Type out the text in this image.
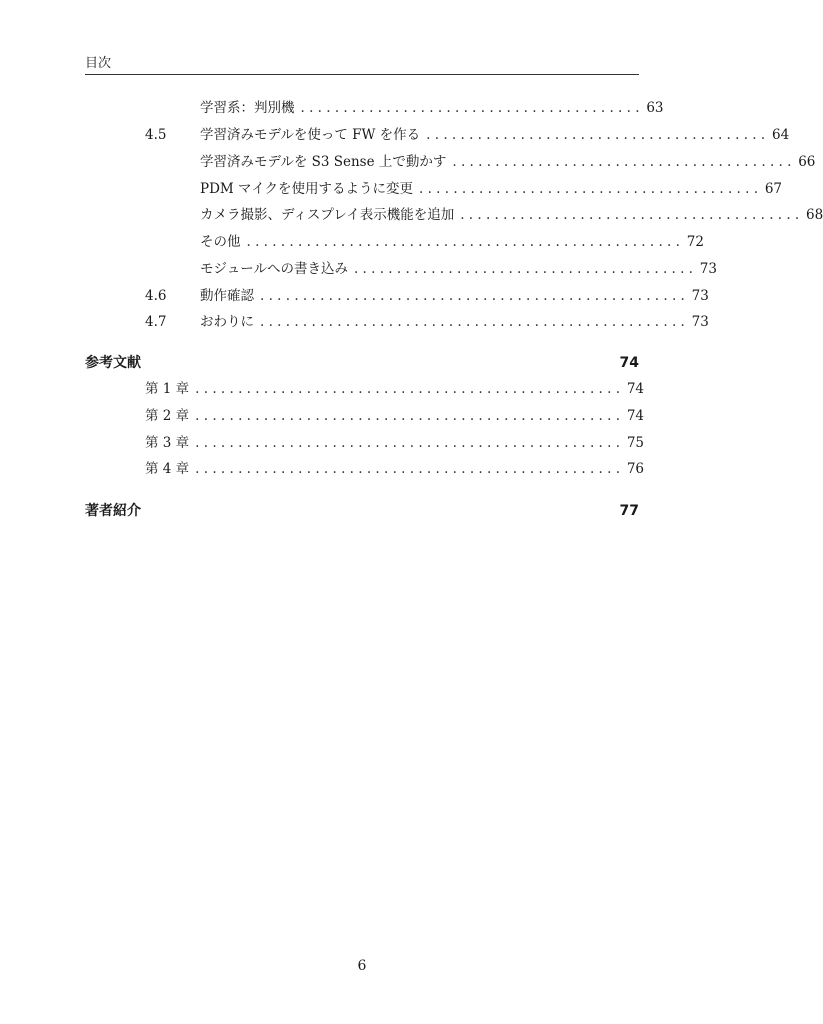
目次
学習系：判別機 . . . . . . . . . . . . . . . . . . . . . . . . . . . . . . . . . . . . . . . . 63
4.5	学習済みモデルを使って FW を作る . . . . . . . . . . . . . . . . . . . . . . . . . . . . . . . . . . . . . . . . 64
学習済みモデルを S3 Sense 上で動かす . . . . . . . . . . . . . . . . . . . . . . . . . . . . . . . . . . . . . . . . 66
PDM マイクを使用するように変更 . . . . . . . . . . . . . . . . . . . . . . . . . . . . . . . . . . . . . . . . 67
カメラ撮影、ディスプレイ表示機能を追加 . . . . . . . . . . . . . . . . . . . . . . . . . . . . . . . . . . . . . . . . 68
その他 . . . . . . . . . . . . . . . . . . . . . . . . . . . . . . . . . . . . . . . . . . . . . . . . . . . 72
モジュールへの書き込み . . . . . . . . . . . . . . . . . . . . . . . . . . . . . . . . . . . . . . . . 73
4.6	動作確認 . . . . . . . . . . . . . . . . . . . . . . . . . . . . . . . . . . . . . . . . . . . . . . . . . . 73
4.7	おわりに . . . . . . . . . . . . . . . . . . . . . . . . . . . . . . . . . . . . . . . . . . . . . . . . . . 73
参考文献	74
第 1 章 . . . . . . . . . . . . . . . . . . . . . . . . . . . . . . . . . . . . . . . . . . . . . . . . . . 74
第 2 章 . . . . . . . . . . . . . . . . . . . . . . . . . . . . . . . . . . . . . . . . . . . . . . . . . . 74
第 3 章 . . . . . . . . . . . . . . . . . . . . . . . . . . . . . . . . . . . . . . . . . . . . . . . . . . 75
第 4 章 . . . . . . . . . . . . . . . . . . . . . . . . . . . . . . . . . . . . . . . . . . . . . . . . . . 76
著者紹介	77
6
